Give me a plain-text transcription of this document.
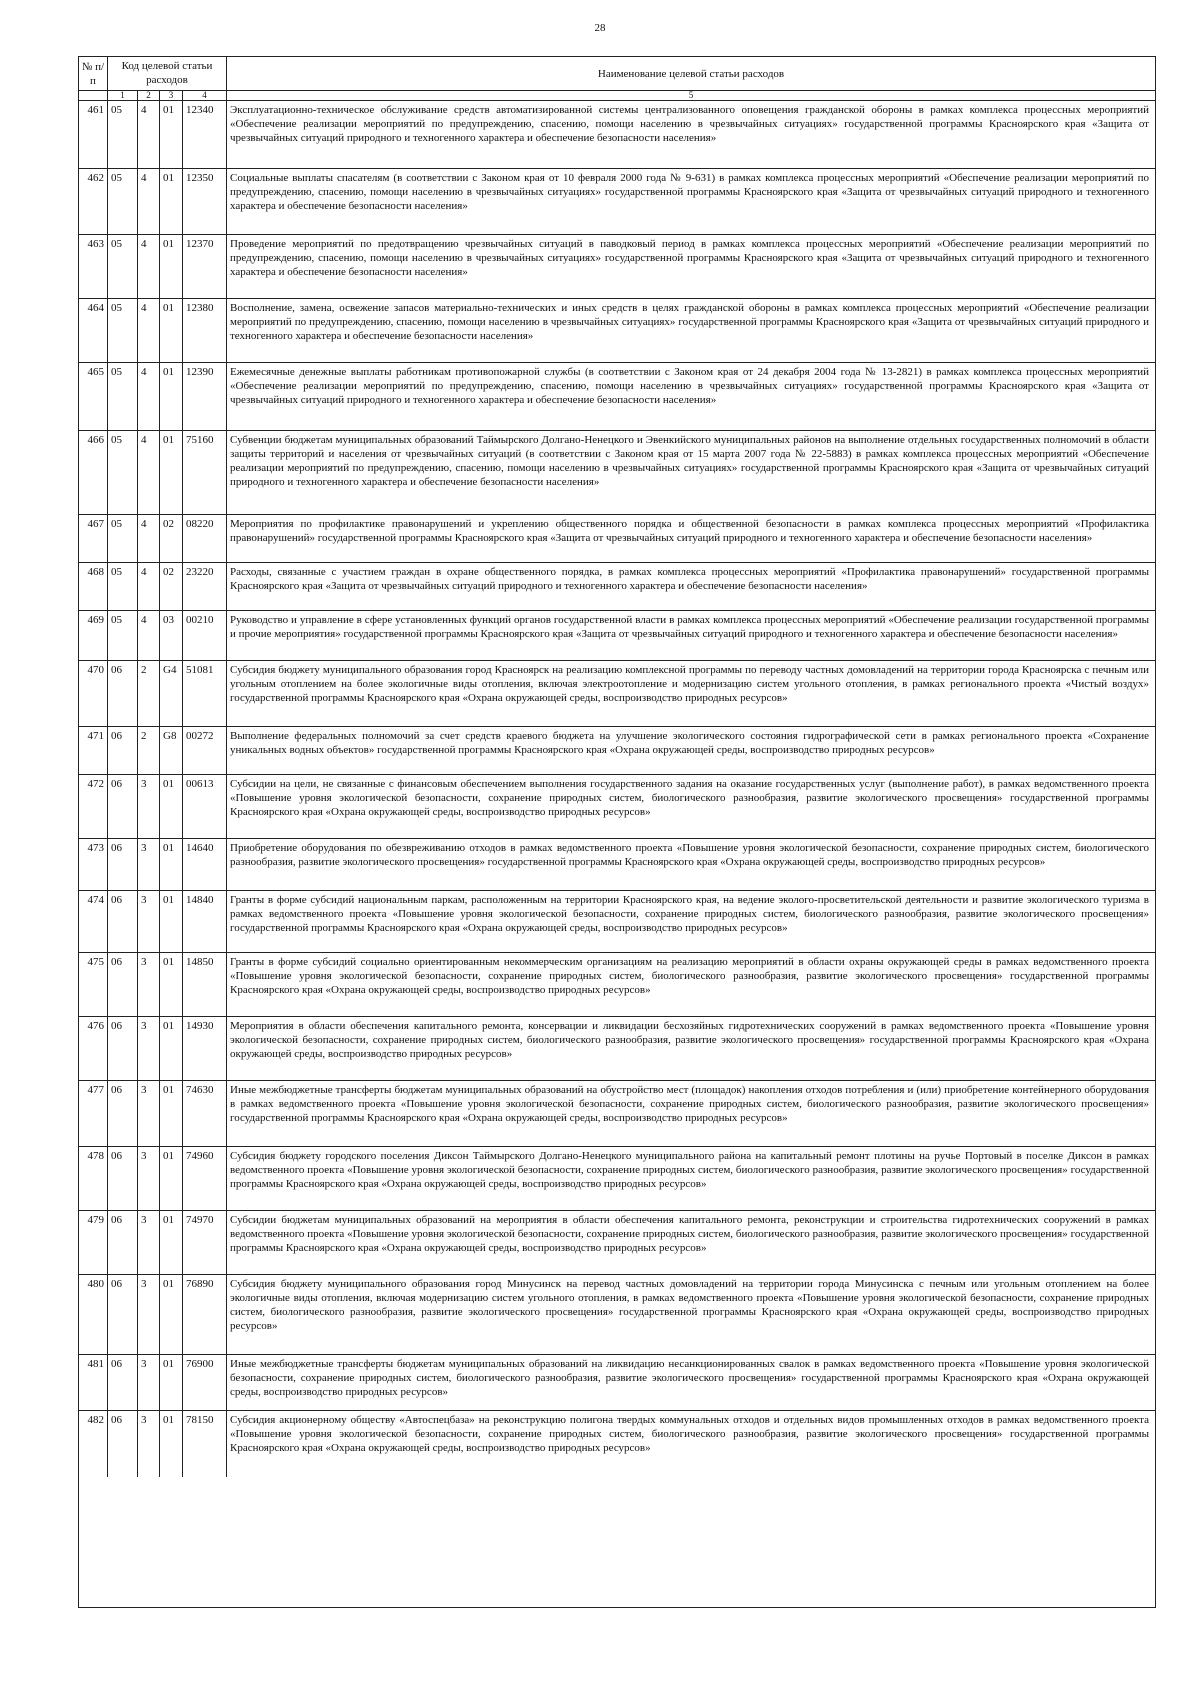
28
№ п/п
Код целевой статьи расходов
Наименование целевой статьи расходов
1	2	3	4	5
461 05	4	01	12340	Эксплуатационно-техническое обслуживание средств автоматизированной системы централизованного оповещения гражданской обороны в рамках комплекса процессных мероприятий «Обеспечение реализации мероприятий по предупреждению, спасению, помощи населению в чрезвычайных ситуациях» государственной программы Красноярского края «Защита от чрезвычайных ситуаций природного и техногенного характера и обеспечение безопасности населения»
462 05	4	01	12350	Социальные выплаты спасателям (в соответствии с Законом края от 10 февраля 2000 года № 9-631) в рамках комплекса процессных мероприятий «Обеспечение реализации мероприятий по предупреждению, спасению, помощи населению в чрезвычайных ситуациях» государственной программы Красноярского края «Защита от чрезвычайных ситуаций природного и техногенного характера и обеспечение безопасности населения»
463 05	4	01	12370	Проведение мероприятий по предотвращению чрезвычайных ситуаций в паводковый период в рамках комплекса процессных мероприятий «Обеспечение реализации мероприятий по предупреждению, спасению, помощи населению в чрезвычайных ситуациях» государственной программы Красноярского края «Защита от чрезвычайных ситуаций природного и техногенного характера и обеспечение безопасности населения»
464 05	4	01	12380	Восполнение, замена, освежение запасов материально-технических и иных средств в целях гражданской обороны в рамках комплекса процессных мероприятий «Обеспечение реализации мероприятий по предупреждению, спасению, помощи населению в чрезвычайных ситуациях» государственной программы Красноярского края «Защита от чрезвычайных ситуаций природного и техногенного характера и обеспечение безопасности населения»
465 05	4	01	12390	Ежемесячные денежные выплаты работникам противопожарной службы (в соответствии с Законом края от 24 декабря 2004 года № 13-2821) в рамках комплекса процессных мероприятий «Обеспечение реализации мероприятий по предупреждению, спасению, помощи населению в чрезвычайных ситуациях» государственной программы Красноярского края «Защита от чрезвычайных ситуаций природного и техногенного характера и обеспечение безопасности населения»
466 05	4	01	75160	Субвенции бюджетам муниципальных образований Таймырского Долгано-Ненецкого и Эвенкийского муниципальных районов на выполнение отдельных государственных полномочий в области защиты территорий и населения от чрезвычайных ситуаций (в соответствии с Законом края от 15 марта 2007 года № 22-5883) в рамках комплекса процессных мероприятий «Обеспечение реализации мероприятий по предупреждению, спасению, помощи населению в чрезвычайных ситуациях» государственной программы Красноярского края «Защита от чрезвычайных ситуаций природного и техногенного характера и обеспечение безопасности населения»
467 05	4	02	08220	Мероприятия по профилактике правонарушений и укреплению общественного порядка и общественной безопасности в рамках комплекса процессных мероприятий «Профилактика правонарушений» государственной программы Красноярского края «Защита от чрезвычайных ситуаций природного и техногенного характера и обеспечение безопасности населения»
468 05	4	02	23220	Расходы, связанные с участием граждан в охране общественного порядка, в рамках комплекса процессных мероприятий «Профилактика правонарушений» государственной программы Красноярского края «Защита от чрезвычайных ситуаций природного и техногенного характера и обеспечение безопасности населения»
469 05	4	03	00210	Руководство и управление в сфере установленных функций органов государственной власти в рамках комплекса процессных мероприятий «Обеспечение реализации государственной программы и прочие мероприятия» государственной программы Красноярского края «Защита от чрезвычайных ситуаций природного и техногенного характера и обеспечение безопасности населения»
470 06	2	G4 51081	Субсидия бюджету муниципального образования город Красноярск на реализацию комплексной программы по переводу частных домовладений на территории города Красноярска с печным или угольным отоплением на более экологичные виды отопления, включая электроотопление и модернизацию систем угольного отопления, в рамках регионального проекта «Чистый воздух» государственной программы Красноярского края «Охрана окружающей среды, воспроизводство природных ресурсов»
471 06	2	G8 00272	Выполнение федеральных полномочий за счет средств краевого бюджета на улучшение экологического состояния гидрографической сети в рамках регионального проекта «Сохранение уникальных водных объектов» государственной программы Красноярского края «Охрана окружающей среды, воспроизводство природных ресурсов»
472 06	3	01	00613	Субсидии на цели, не связанные с финансовым обеспечением выполнения государственного задания на оказание государственных услуг (выполнение работ), в рамках ведомственного проекта «Повышение уровня экологической безопасности, сохранение природных систем, биологического разнообразия, развитие экологического просвещения» государственной программы Красноярского края «Охрана окружающей среды, воспроизводство природных ресурсов»
473 06	3	01	14640	Приобретение оборудования по обезвреживанию отходов в рамках ведомственного проекта «Повышение уровня экологической безопасности, сохранение природных систем, биологического разнообразия, развитие экологического просвещения» государственной программы Красноярского края «Охрана окружающей среды, воспроизводство природных ресурсов»
474 06	3	01	14840	Гранты в форме субсидий национальным паркам, расположенным на территории Красноярского края, на ведение эколого-просветительской деятельности и развитие экологического туризма в рамках ведомственного проекта «Повышение уровня экологической безопасности, сохранение природных систем, биологического разнообразия, развитие экологического просвещения» государственной программы Красноярского края «Охрана окружающей среды, воспроизводство природных ресурсов»
475 06	3	01	14850	Гранты в форме субсидий социально ориентированным некоммерческим организациям на реализацию мероприятий в области охраны окружающей среды в рамках ведомственного проекта «Повышение уровня экологической безопасности, сохранение природных систем, биологического разнообразия, развитие экологического просвещения» государственной программы Красноярского края «Охрана окружающей среды, воспроизводство природных ресурсов»
476 06	3	01	14930	Мероприятия в области обеспечения капитального ремонта, консервации и ликвидации бесхозяйных гидротехнических сооружений в рамках ведомственного проекта «Повышение уровня экологической безопасности, сохранение природных систем, биологического разнообразия, развитие экологического просвещения» государственной программы Красноярского края «Охрана окружающей среды, воспроизводство природных ресурсов»
477 06	3	01	74630	Иные межбюджетные трансферты бюджетам муниципальных образований на обустройство мест (площадок) накопления отходов потребления и (или) приобретение контейнерного оборудования в рамках ведомственного проекта «Повышение уровня экологической безопасности, сохранение природных систем, биологического разнообразия, развитие экологического просвещения» государственной программы Красноярского края «Охрана окружающей среды, воспроизводство природных ресурсов»
478 06	3	01	74960	Субсидия бюджету городского поселения Диксон Таймырского Долгано-Ненецкого муниципального района на капитальный ремонт плотины на ручье Портовый в поселке Диксон в рамках ведомственного проекта «Повышение уровня экологической безопасности, сохранение природных систем, биологического разнообразия, развитие экологического просвещения» государственной программы Красноярского края «Охрана окружающей среды, воспроизводство природных ресурсов»
479 06	3	01	74970	Субсидии бюджетам муниципальных образований на мероприятия в области обеспечения капитального ремонта, реконструкции и строительства гидротехнических сооружений в рамках ведомственного проекта «Повышение уровня экологической безопасности, сохранение природных систем, биологического разнообразия, развитие экологического просвещения» государственной программы Красноярского края «Охрана окружающей среды, воспроизводство природных ресурсов»
480 06	3	01	76890	Субсидия бюджету муниципального образования город Минусинск на перевод частных домовладений на территории города Минусинска с печным или угольным отоплением на более экологичные виды отопления, включая модернизацию систем угольного отопления, в рамках ведомственного проекта «Повышение уровня экологической безопасности, сохранение природных систем, биологического разнообразия, развитие экологического просвещения» государственной программы Красноярского края «Охрана окружающей среды, воспроизводство природных ресурсов»
481 06	3	01	76900	Иные межбюджетные трансферты бюджетам муниципальных образований на ликвидацию несанкционированных свалок в рамках ведомственного проекта «Повышение уровня экологической безопасности, сохранение природных систем, биологического разнообразия, развитие экологического просвещения» государственной программы Красноярского края «Охрана окружающей среды, воспроизводство природных ресурсов»
482 06	3	01	78150	Субсидия акционерному обществу «Автоспецбаза» на реконструкцию полигона твердых коммунальных отходов и отдельных видов промышленных отходов в рамках ведомственного проекта «Повышение уровня экологической безопасности, сохранение природных систем, биологического разнообразия, развитие экологического просвещения» государственной программы Красноярского края «Охрана окружающей среды, воспроизводство природных ресурсов»
